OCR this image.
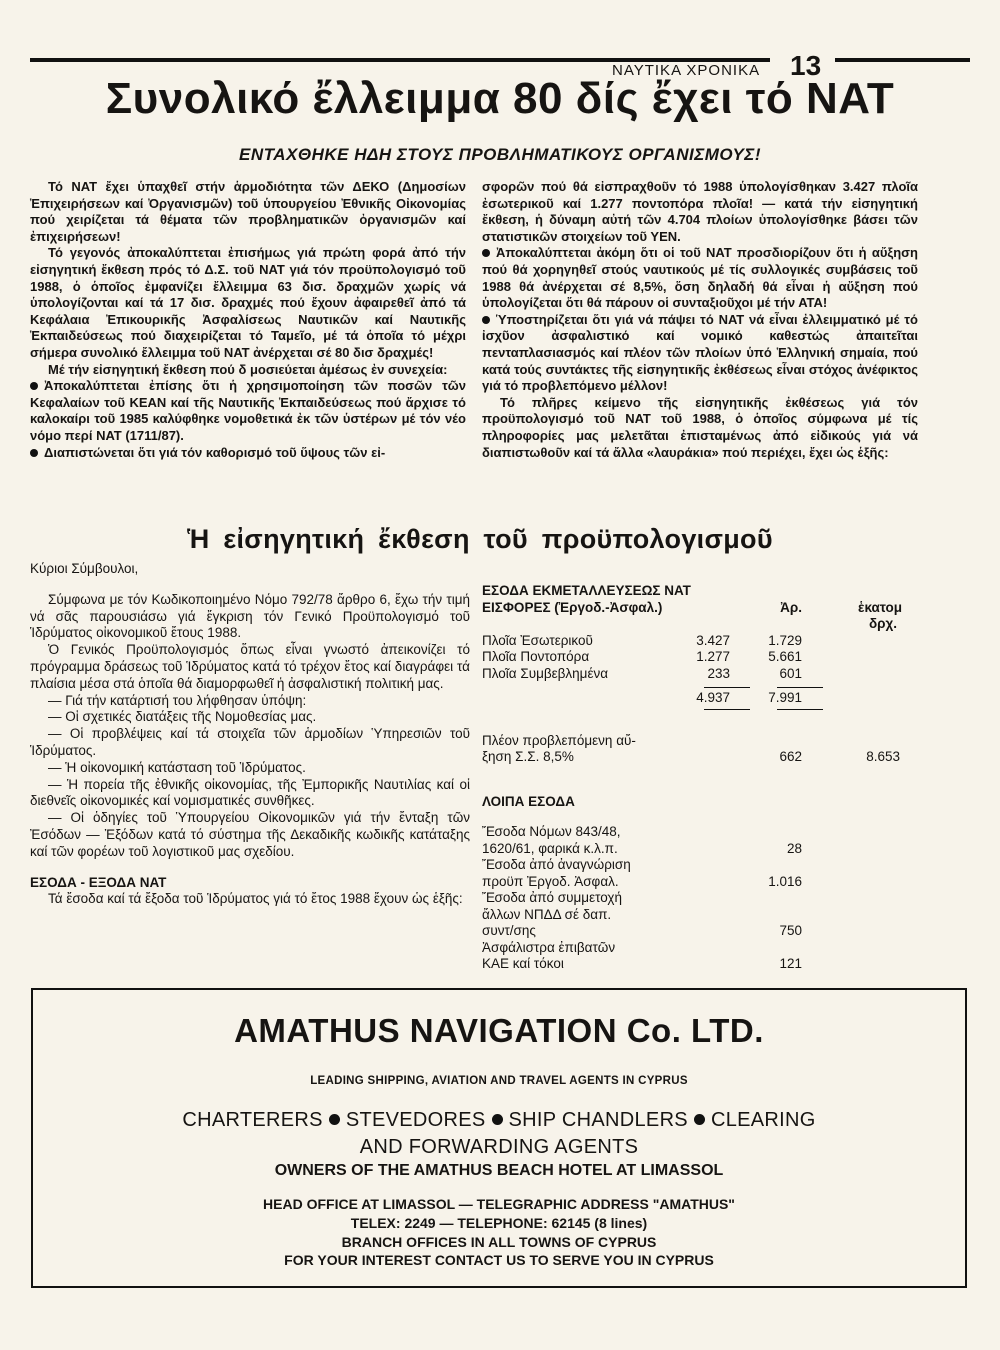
ΝΑΥΤΙΚΑ ΧΡΟΝΙΚΑ 13
Συνολικό ἔλλειμμα 80 δίς ἔχει τό ΝΑΤ
ΕΝΤΑΧΘΗΚΕ ΗΔΗ ΣΤΟΥΣ ΠΡΟΒΛΗΜΑΤΙΚΟΥΣ ΟΡΓΑΝΙΣΜΟΥΣ!

Τό ΝΑΤ ἔχει ὑπαχθεῖ στήν ἁρμοδιότητα τῶν ΔΕΚΟ (Δημοσίων Ἐπιχειρήσεων καί Ὀργανισμῶν) τοῦ ὑπουργείου Ἐθνικῆς Οἰκονομίας πού χειρίζεται τά θέματα τῶν προβληματικῶν ὀργανισμῶν καί ἐπιχειρήσεων!

Τό γεγονός ἀποκαλύπτεται ἐπισήμως γιά πρώτη φορά ἀπό τήν εἰσηγητική ἔκθεση πρός τό Δ.Σ. τοῦ ΝΑΤ γιά τόν προϋπολογισμό τοῦ 1988, ὁ ὁποῖος ἐμφανίζει ἔλλειμμα 63 δισ. δραχμῶν χωρίς νά ὑπολογίζονται καί τά 17 δισ. δραχμές πού ἔχουν ἀφαιρεθεῖ ἀπό τά Κεφάλαια Ἐπικουρικῆς Ἀσφαλίσεως Ναυτικῶν καί Ναυτικῆς Ἐκπαιδεύσεως πού διαχειρίζεται τό Ταμεῖο, μέ τά ὁποῖα τό μέχρι σήμερα συνολικό ἔλλειμμα τοῦ ΝΑΤ ἀνέρχεται σέ 80 δισ δραχμές!

Μέ τήν εἰσηγητική ἔκθεση πού δ μοσιεύεται ἀμέσως ἐν συνεχεία:

Ἀποκαλύπτεται ἐπίσης ὅτι ἡ χρησιμοποίηση τῶν ποσῶν τῶν Κεφαλαίων τοῦ ΚΕΑΝ καί τῆς Ναυτικῆς Ἐκπαιδεύσεως πού ἄρχισε τό καλοκαίρι τοῦ 1985 καλύφθηκε νομοθετικά ἐκ τῶν ὑστέρων μέ τόν νέο νόμο περί ΝΑΤ (1711/87).

Διαπιστώνεται ὅτι γιά τόν καθορισμό τοῦ ὕψους τῶν εἰ-

σφορῶν πού θά εἰσπραχθοῦν τό 1988 ὑπολογίσθηκαν 3.427 πλοῖα ἐσωτερικοῦ καί 1.277 ποντοπόρα πλοῖα! — κατά τήν εἰσηγητική ἔκθεση, ἡ δύναμη αὐτή τῶν 4.704 πλοίων ὑπολογίσθηκε βάσει τῶν στατιστικῶν στοιχείων τοῦ ΥΕΝ.

Ἀποκαλύπτεται ἀκόμη ὅτι οἱ τοῦ ΝΑΤ προσδιορίζουν ὅτι ἡ αὔξηση πού θά χορηγηθεῖ στούς ναυτικούς μέ τίς συλλογικές συμβάσεις τοῦ 1988 θά ἀνέρχεται σέ 8,5%, ὅση δηλαδή θά εἶναι ἡ αὔξηση πού ὑπολογίζεται ὅτι θά πάρουν οἱ συνταξιοῦχοι μέ τήν ΑΤΑ!

Ὑποστηρίζεται ὅτι γιά νά πάψει τό ΝΑΤ νά εἶναι ἐλλειμματικό μέ τό ἰσχῦον ἀσφαλιστικό καί νομικό καθεστώς ἀπαιτεῖται πενταπλασιασμός καί πλέον τῶν πλοίων ὑπό Ἑλληνική σημαία, πού κατά τούς συντάκτες τῆς εἰσηγητικῆς ἐκθέσεως εἶναι στόχος ἀνέφικτος γιά τό προβλεπόμενο μέλλον!

Τό πλῆρες κείμενο τῆς εἰσηγητικῆς ἐκθέσεως γιά τόν προϋπολογισμό τοῦ ΝΑΤ τοῦ 1988, ὁ ὁποῖος σύμφωνα μέ τίς πληροφορίες μας μελετᾶται ἐπισταμένως ἀπό εἰδικούς γιά νά διαπιστωθοῦν καί τά ἄλλα «λαυράκια» πού περιέχει, ἔχει ὡς ἑξῆς:

Ἡ εἰσηγητική ἔκθεση τοῦ προϋπολογισμοῦ

Κύριοι Σύμβουλοι,

Σύμφωνα με τόν Κωδικοποιημένο Νόμο 792/78 ἄρθρο 6, ἔχω τήν τιμή νά σᾶς παρουσιάσω γιά ἔγκριση τόν Γενικό Προϋπολογισμό τοῦ Ἱδρύματος οἰκονομικοῦ ἔτους 1988.

Ὁ Γενικός Προϋπολογισμός ὅπως εἶναι γνωστό ἀπεικονίζει τό πρόγραμμα δράσεως τοῦ Ἱδρύματος κατά τό τρέχον ἔτος καί διαγράφει τά πλαίσια μέσα στά ὁποῖα θά διαμορφωθεῖ ἡ ἀσφαλιστική πολιτική μας.

— Γιά τήν κατάρτισή του λήφθησαν ὑπόψη:

— Οἱ σχετικές διατάξεις τῆς Νομοθεσίας μας.

— Οἱ προβλέψεις καί τά στοιχεῖα τῶν ἁρμοδίων Ὑπηρεσιῶν τοῦ Ἱδρύματος.

— Ἡ οἰκονομική κατάσταση τοῦ Ἱδρύματος.

— Ἡ πορεία τῆς ἐθνικῆς οἰκονομίας, τῆς Ἐμπορικῆς Ναυτιλίας καί οἱ διεθνεῖς οἰκονομικές καί νομισματικές συνθῆκες.

— Οἱ ὁδηγίες τοῦ Ὑπουργείου Οἰκονομικῶν γιά τήν ἔνταξη τῶν Ἐσόδων — Ἐξόδων κατά τό σύστημα τῆς Δεκαδικῆς κωδικῆς κατάταξης καί τῶν φορέων τοῦ λογιστικοῦ μας σχεδίου.

ΕΣΟΔΑ - ΕΞΟΔΑ ΝΑΤ

Τά ἔσοδα καί τά ἔξοδα τοῦ Ἱδρύματος γιά τό ἔτος 1988 ἔχουν ὡς ἑξῆς:

ΕΣΟΔΑ ΕΚΜΕΤΑΛΛΕΥΣΕΩΣ ΝΑΤ
ΕΙΣΦΟΡΕΣ (Ἐργοδ.-Ἀσφαλ.)	Ἀρ.	ἑκατομ
δρχ.
Πλοῖα Ἐσωτερικοῦ	3.427	1.729
Πλοῖα Ποντοπόρα	1.277	5.661
Πλοῖα Συμβεβλημένα	233	601
4.937	7.991
Πλέον προβλεπόμενη αὔ-
ξηση Σ.Σ. 8,5%	662	8.653
ΛΟΙΠΑ ΕΣΟΔΑ
Ἔσοδα Νόμων 843/48,
1620/61, φαρικά κ.λ.π.	28
Ἔσοδα ἀπό ἀναγνώριση
προϋπ Ἐργοδ. Ἀσφαλ.	1.016
Ἔσοδα ἀπό συμμετοχή
ἄλλων ΝΠΔΔ σέ δαπ.
συντ/σης	750
Ἀσφάλιστρα ἐπιβατῶν
ΚΑΕ καί τόκοι	121
AMATHUS NAVIGATION Co. LTD.
LEADING SHIPPING, AVIATION AND TRAVEL AGENTS IN CYPRUS
CHARTERERS STEVEDORES SHIP CHANDLERS CLEARING
AND FORWARDING AGENTS
OWNERS OF THE AMATHUS BEACH HOTEL AT LIMASSOL
HEAD OFFICE AT LIMASSOL — TELEGRAPHIC ADDRESS "AMATHUS"
TELEX: 2249 — TELEPHONE: 62145 (8 lines)
BRANCH OFFICES IN ALL TOWNS OF CYPRUS
FOR YOUR INTEREST CONTACT US TO SERVE YOU IN CYPRUS
